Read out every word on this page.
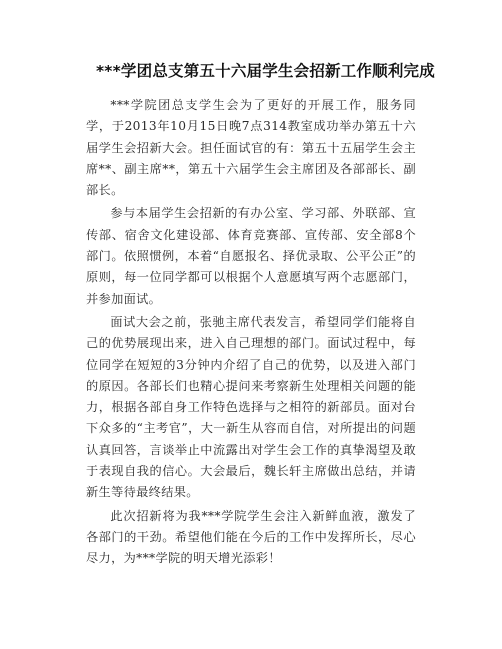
***学团总支第五十六届学生会招新工作顺利完成

***学院团总支学生会为了更好的开展工作，服务同学，于2013年10月15日晚7点314教室成功举办第五十六届学生会招新大会。担任面试官的有：第五十五届学生会主席**、副主席**，第五十六届学生会主席团及各部部长、副部长。

参与本届学生会招新的有办公室、学习部、外联部、宣传部、宿舍文化建设部、体育竞赛部、宣传部、安全部8个部门。依照惯例，本着“自愿报名、择优录取、公平公正”的原则，每一位同学都可以根据个人意愿填写两个志愿部门，并参加面试。

面试大会之前，张驰主席代表发言，希望同学们能将自己的优势展现出来，进入自己理想的部门。面试过程中，每位同学在短短的3分钟内介绍了自己的优势，以及进入部门的原因。各部长们也精心提问来考察新生处理相关问题的能力，根据各部自身工作特色选择与之相符的新部员。面对台下众多的“主考官”，大一新生从容而自信，对所提出的问题认真回答，言谈举止中流露出对学生会工作的真挚渴望及敢于表现自我的信心。大会最后，魏长轩主席做出总结，并请新生等待最终结果。

此次招新将为我***学院学生会注入新鲜血液，激发了各部门的干劲。希望他们能在今后的工作中发挥所长，尽心尽力，为***学院的明天增光添彩！
